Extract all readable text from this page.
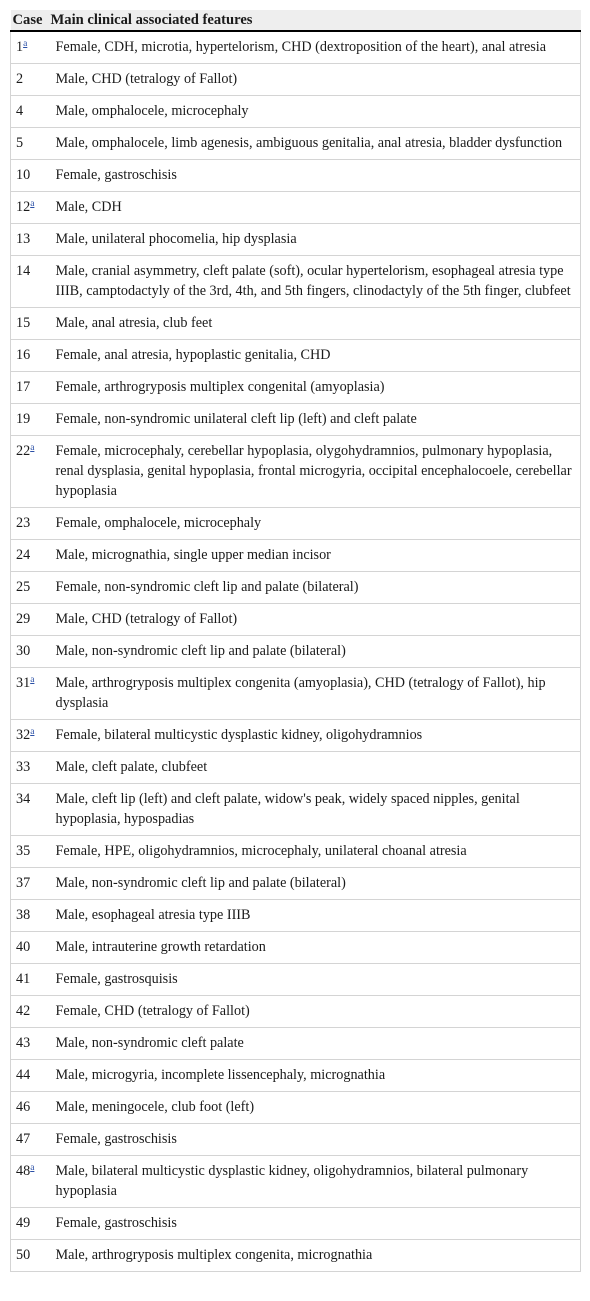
Case	Main clinical associated features
1$^a$	Female, CDH, microtia, hypertelorism, CHD (dextroposition of the heart), anal atresia
2	Male, CHD (tetralogy of Fallot)
4	Male, omphalocele, microcephaly
5	Male, omphalocele, limb agenesis, ambiguous genitalia, anal atresia, bladder dysfunction
10	Female, gastroschisis
12$^a$	Male, CDH
13	Male, unilateral phocomelia, hip dysplasia
14	Male, cranial asymmetry, cleft palate (soft), ocular hypertelorism, esophageal atresia type IIIB, camptodactyly of the 3rd, 4th, and 5th fingers, clinodactyly of the 5th finger, clubfeet
15	Male, anal atresia, club feet
16	Female, anal atresia, hypoplastic genitalia, CHD
17	Female, arthrogryposis multiplex congenital (amyoplasia)
19	Female, non-syndromic unilateral cleft lip (left) and cleft palate
22$^a$	Female, microcephaly, cerebellar hypoplasia, olygohydramnios, pulmonary hypoplasia, renal dysplasia, genital hypoplasia, frontal microgyria, occipital encephalocoele, cerebellar hypoplasia
23	Female, omphalocele, microcephaly
24	Male, micrognathia, single upper median incisor
25	Female, non-syndromic cleft lip and palate (bilateral)
29	Male, CHD (tetralogy of Fallot)
30	Male, non-syndromic cleft lip and palate (bilateral)
31$^a$	Male, arthrogryposis multiplex congenita (amyoplasia), CHD (tetralogy of Fallot), hip dysplasia
32$^a$	Female, bilateral multicystic dysplastic kidney, oligohydramnios
33	Male, cleft palate, clubfeet
34	Male, cleft lip (left) and cleft palate, widow's peak, widely spaced nipples, genital hypoplasia, hypospadias
35	Female, HPE, oligohydramnios, microcephaly, unilateral choanal atresia
37	Male, non-syndromic cleft lip and palate (bilateral)
38	Male, esophageal atresia type IIIB
40	Male, intrauterine growth retardation
41	Female, gastrosquisis
42	Female, CHD (tetralogy of Fallot)
43	Male, non-syndromic cleft palate
44	Male, microgyria, incomplete lissencephaly, micrognathia
46	Male, meningocele, club foot (left)
47	Female, gastroschisis
48$^a$	Male, bilateral multicystic dysplastic kidney, oligohydramnios, bilateral pulmonary hypoplasia
49	Female, gastroschisis
50	Male, arthrogryposis multiplex congenita, micrognathia
